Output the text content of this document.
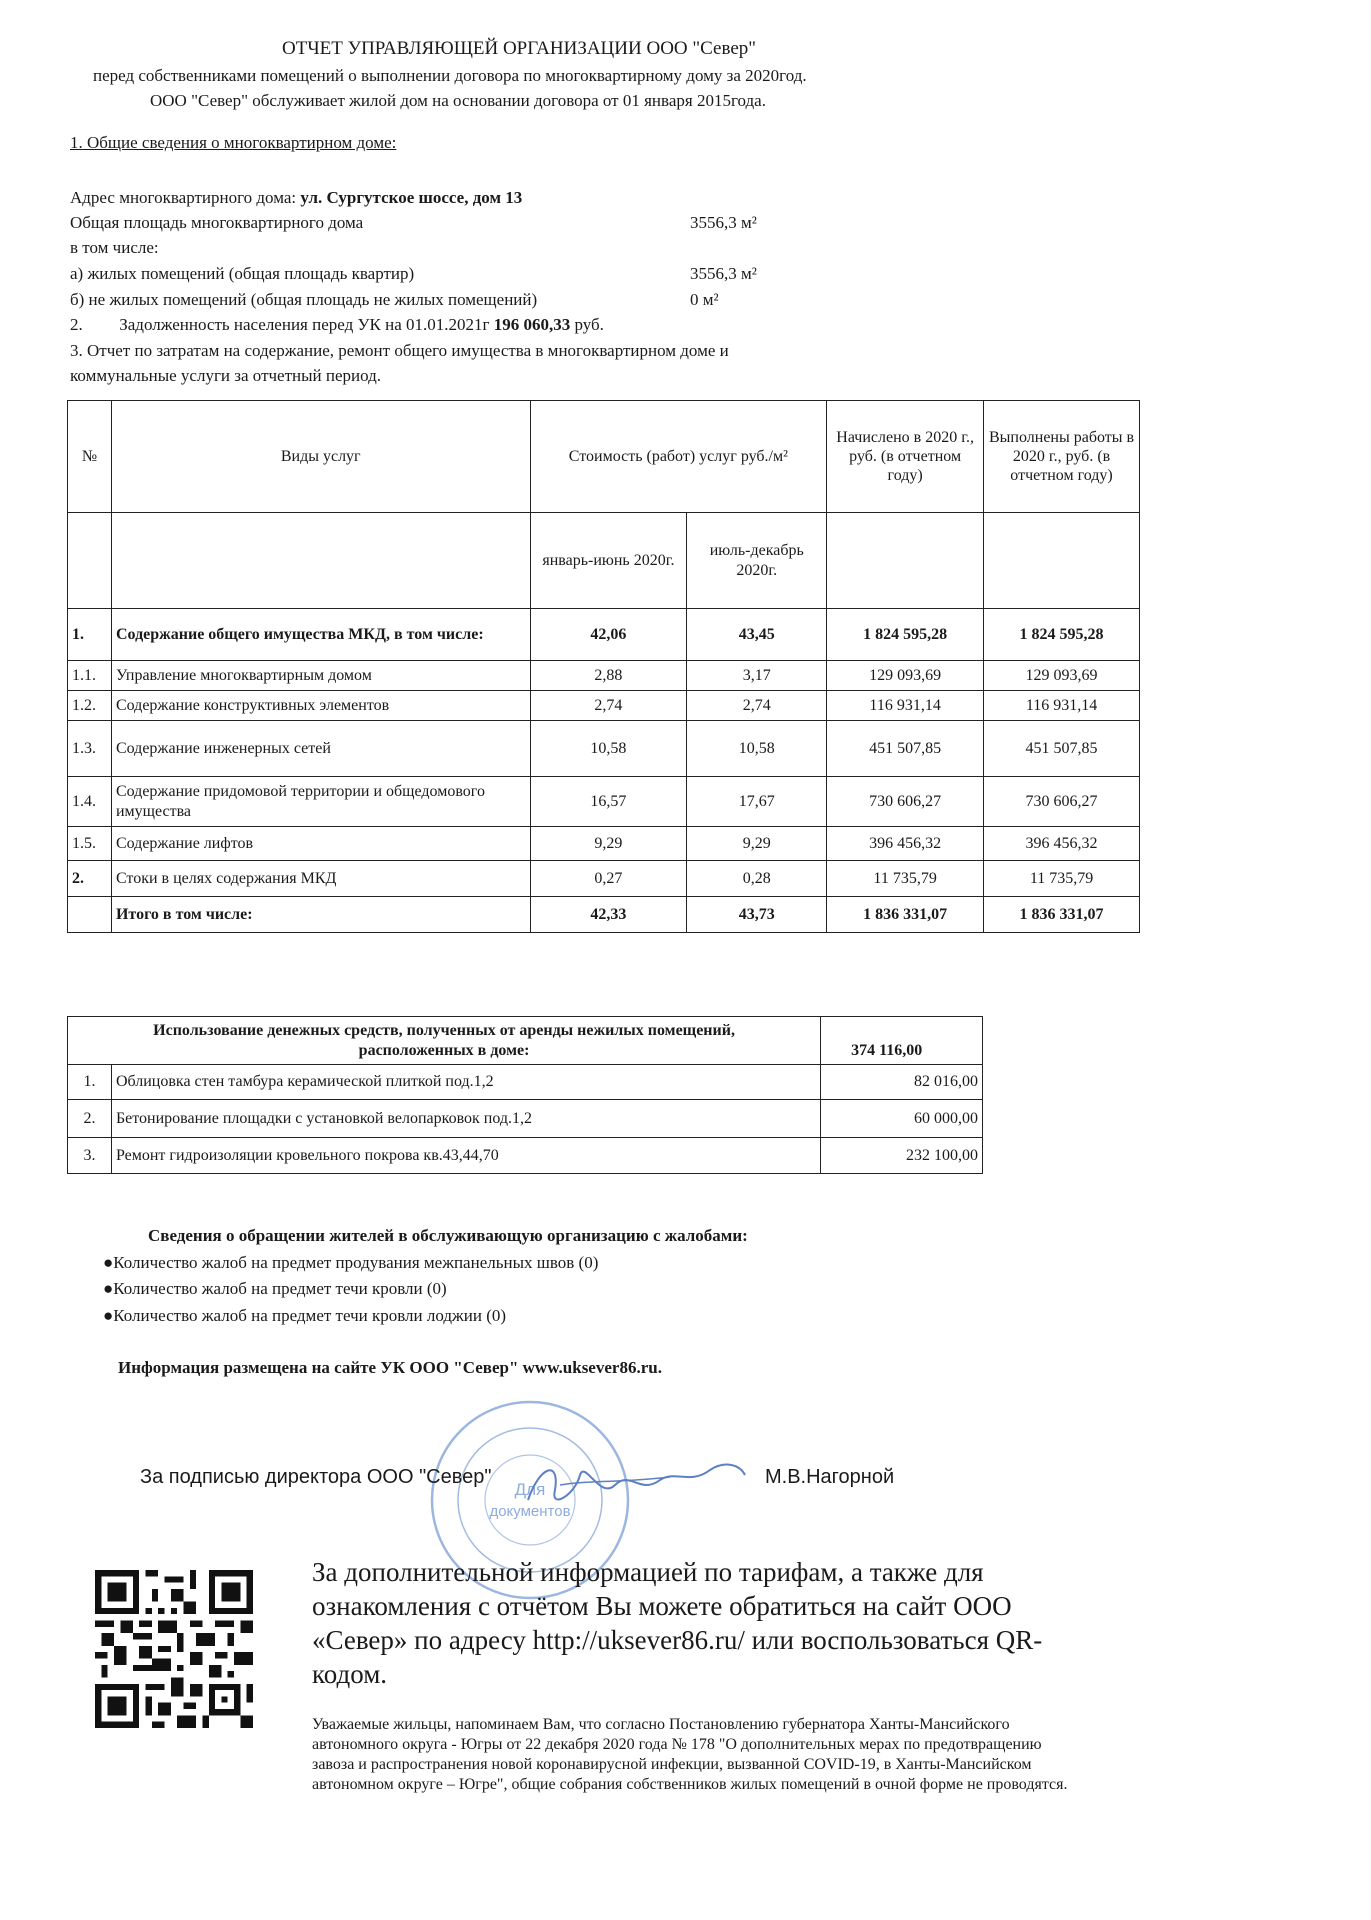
ОТЧЕТ УПРАВЛЯЮЩЕЙ ОРГАНИЗАЦИИ ООО "Север"
перед собственниками помещений о выполнении договора по многоквартирному дому за 2020год.
ООО "Север" обслуживает жилой дом на основании договора от 01 января 2015года.
1. Общие сведения о многоквартирном доме:
Адрес многоквартирного дома: ул. Сургутское шоссе, дом 13
Общая площадь многоквартирного дома	3556,3 м²
в том числе:
а) жилых помещений (общая площадь квартир)	3556,3 м²
б) не жилых помещений (общая площадь не жилых помещений)	0 м²
2. Задолженность населения перед УК на 01.01.2021г 196 060,33 руб.
3. Отчет по затратам на содержание, ремонт общего имущества в многоквартирном доме и
коммунальные услуги за отчетный период.
№	Виды услуг	Стоимость (работ) услуг руб./м²		Начислено в 2020 г., руб. (в отчетном году)	Выполнены работы в 2020 г., руб. (в отчетном году)
		январь-июнь 2020г.	июль-декабрь 2020г.		
1.	Содержание общего имущества МКД, в том числе:	42,06	43,45	1 824 595,28	1 824 595,28
1.1.	Управление многоквартирным домом	2,88	3,17	129 093,69	129 093,69
1.2.	Содержание конструктивных элементов	2,74	2,74	116 931,14	116 931,14
1.3.	Содержание инженерных сетей	10,58	10,58	451 507,85	451 507,85
1.4.	Содержание придомовой территории и общедомового имущества	16,57	17,67	730 606,27	730 606,27
1.5.	Содержание лифтов	9,29	9,29	396 456,32	396 456,32
2.	Стоки в целях содержания МКД	0,27	0,28	11 735,79	11 735,79
	Итого в том числе:	42,33	43,73	1 836 331,07	1 836 331,07
Использование денежных средств, полученных от аренды нежилых помещений, расположенных в доме:		374 116,00
1.	Облицовка стен тамбура керамической плиткой под.1,2	82 016,00
2.	Бетонирование площадки с установкой велопарковок под.1,2	60 000,00
3.	Ремонт гидроизоляции кровельного покрова кв.43,44,70	232 100,00
Сведения о обращении жителей в обслуживающую организацию с жалобами:
●Количество жалоб на предмет продувания межпанельных швов (0)
●Количество жалоб на предмет течи кровли (0)
●Количество жалоб на предмет течи кровли лоджии (0)
Информация размещена на сайте УК ООО "Север" www.uksever86.ru.
Для
документов
За подписью директора ООО "Север"	М.В.Нагорной
За дополнительной информацией по тарифам, а также для ознакомления с отчётом Вы можете обратиться на сайт ООО «Север» по адресу http://uksever86.ru/ или воспользоваться QR-кодом.
Уважаемые жильцы, напоминаем Вам, что согласно Постановлению губернатора Ханты-Мансийского автономного округа - Югры от 22 декабря 2020 года № 178 "О дополнительных мерах по предотвращению завоза и распространения новой коронавирусной инфекции, вызванной COVID-19, в Ханты-Мансийском автономном округе – Югре", общие собрания собственников жилых помещений в очной форме не проводятся.
